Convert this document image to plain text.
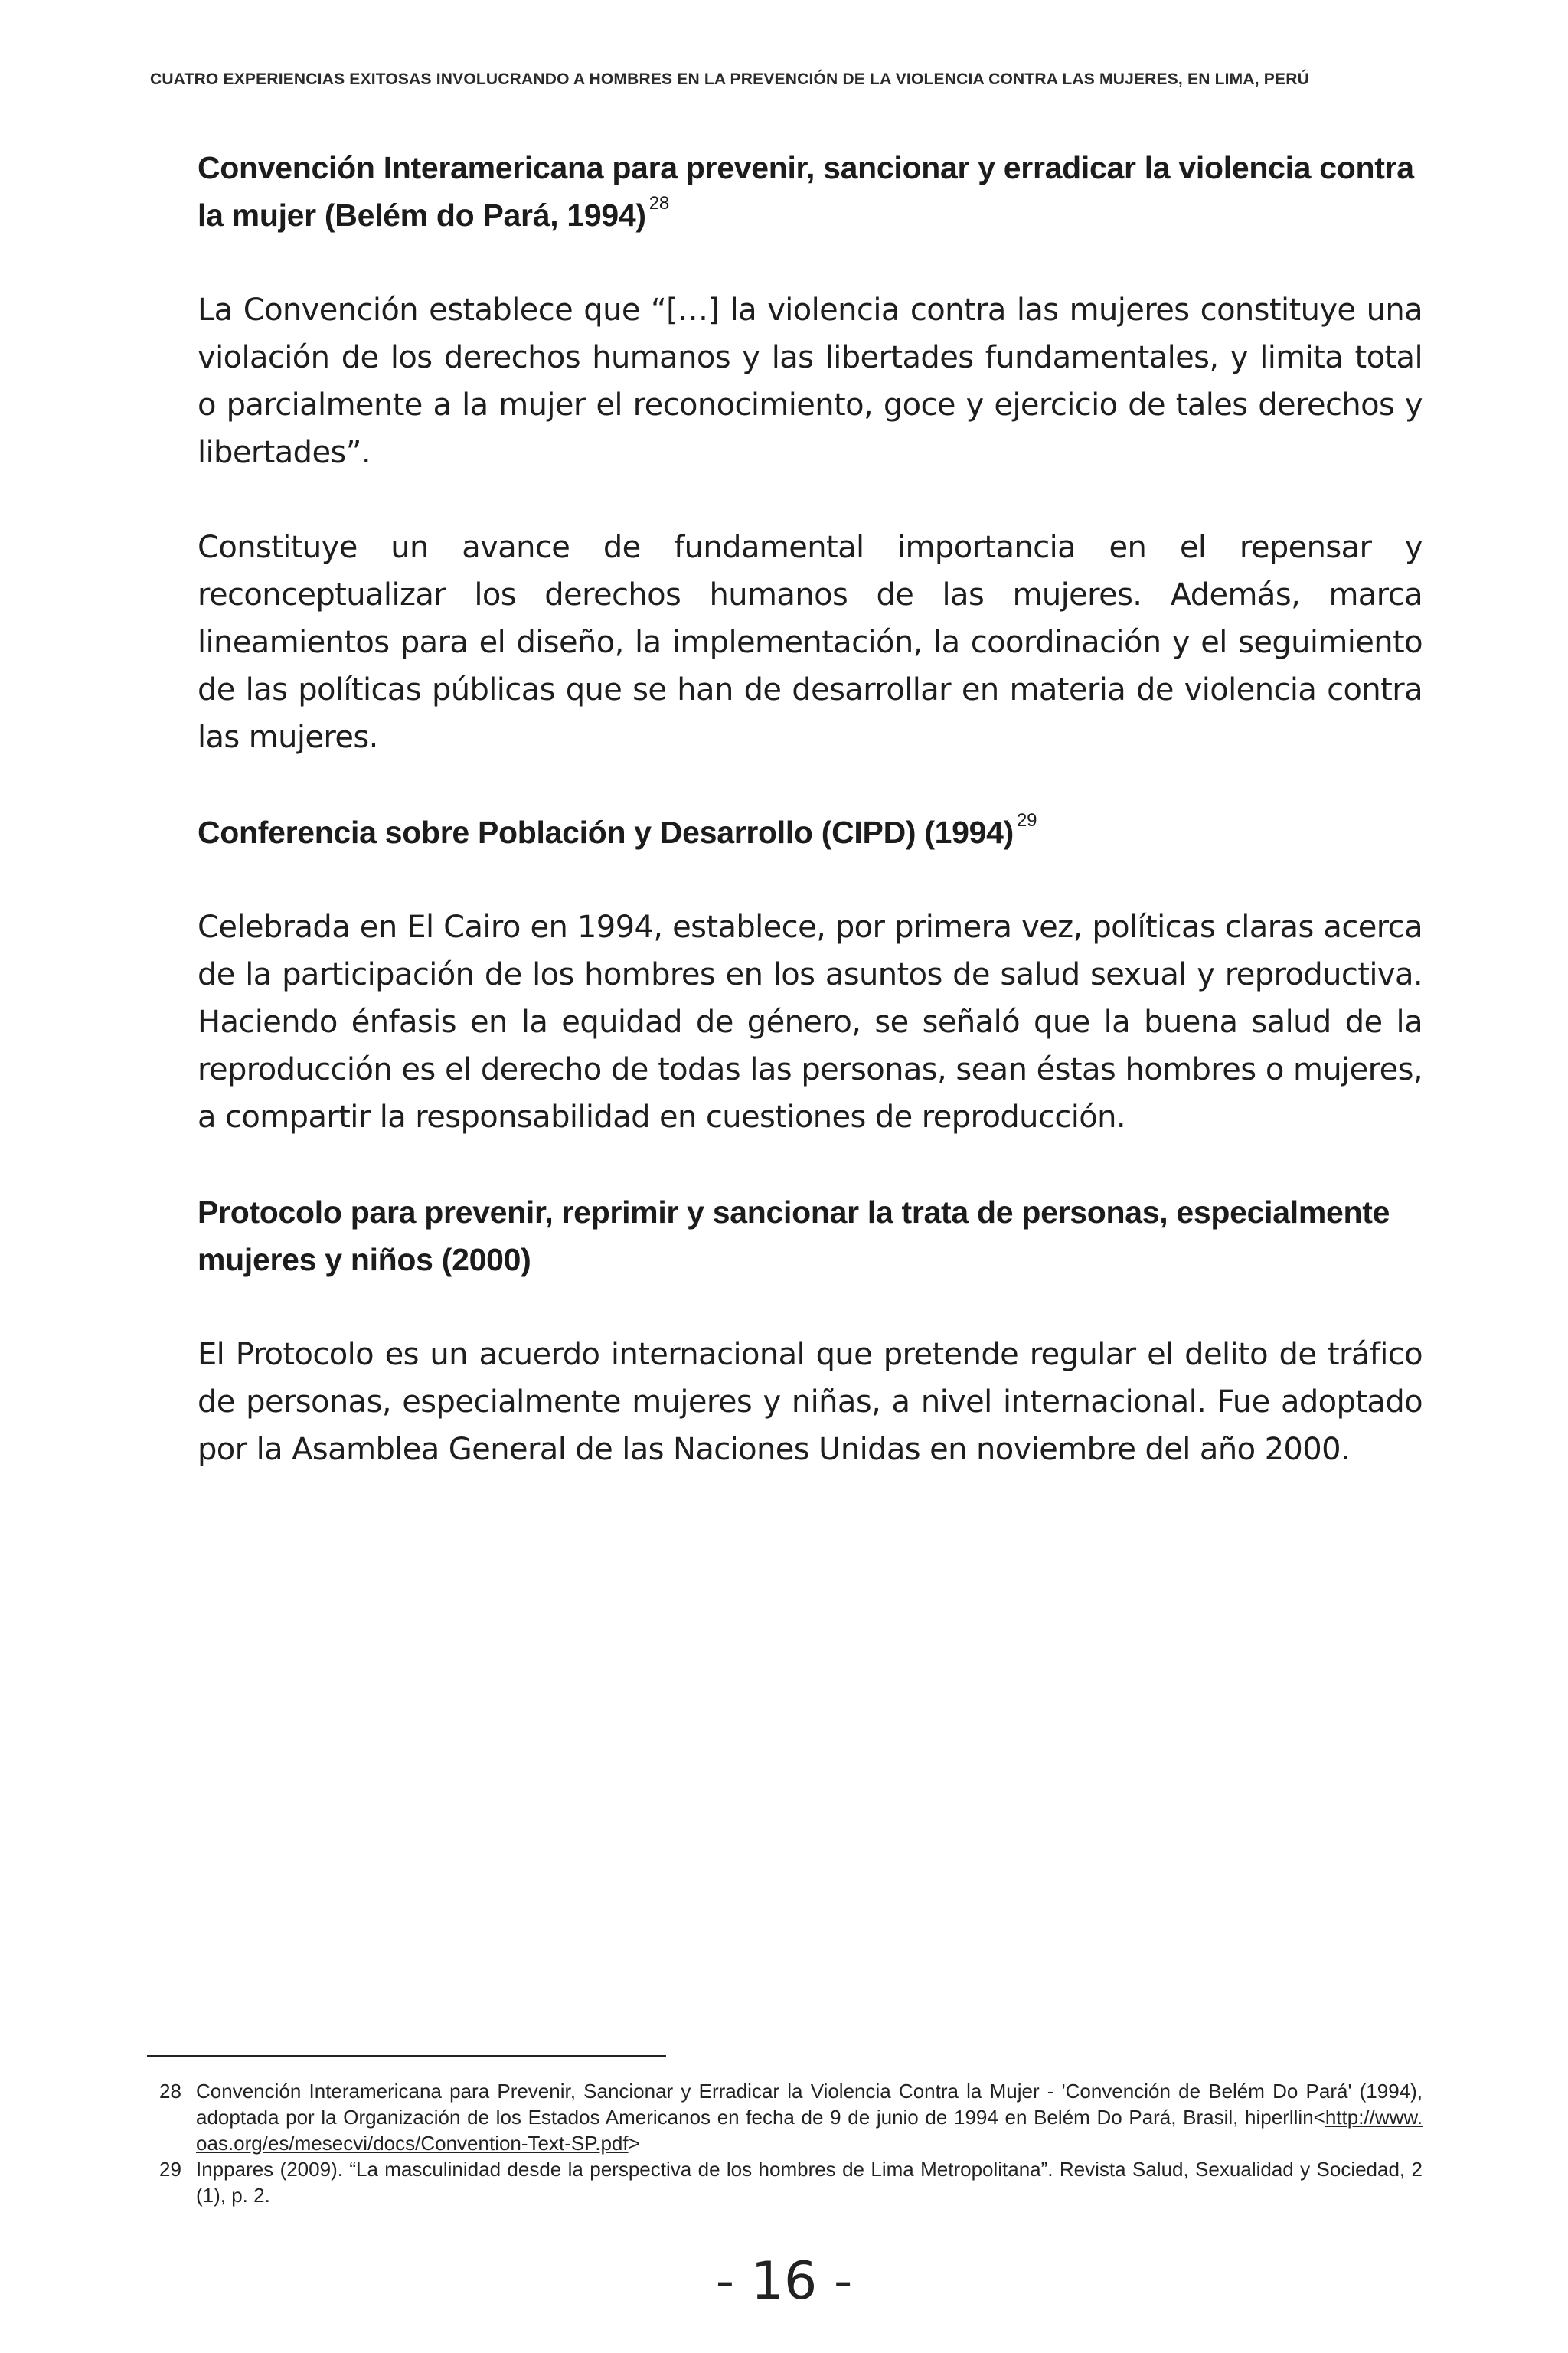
CUATRO EXPERIENCIAS EXITOSAS INVOLUCRANDO A HOMBRES EN LA PREVENCIÓN DE LA VIOLENCIA CONTRA LAS MUJERES, EN LIMA, PERÚ
Convención Interamericana para prevenir, sancionar y erradicar la violencia contra la mujer (Belém do Pará, 1994) $^{28}$

La Convención establece que “[…] la violencia contra las mujeres constituye una violación de los derechos humanos y las libertades fundamentales, y limita total o parcialmente a la mujer el reconocimiento, goce y ejercicio de tales derechos y libertades”.

Constituye un avance de fundamental importancia en el repensar y reconceptualizar los derechos humanos de las mujeres. Además, marca lineamientos para el diseño, la implementación, la coordinación y el seguimiento de las políticas públicas que se han de desarrollar en materia de violencia contra las mujeres.

Conferencia sobre Población y Desarrollo (CIPD) (1994) $^{29}$

Celebrada en El Cairo en 1994, establece, por primera vez, políticas claras acerca de la participación de los hombres en los asuntos de salud sexual y reproductiva. Haciendo énfasis en la equidad de género, se señaló que la buena salud de la reproducción es el derecho de todas las personas, sean éstas hombres o mujeres, a compartir la responsabilidad en cuestiones de reproducción.

Protocolo para prevenir, reprimir y sancionar la trata de personas, especialmente mujeres y niños (2000)

El Protocolo es un acuerdo internacional que pretende regular el delito de tráfico de personas, especialmente mujeres y niñas, a nivel internacional. Fue adoptado por la Asamblea General de las Naciones Unidas en noviembre del año 2000.

28 Convención Interamericana para Prevenir, Sancionar y Erradicar la Violencia Contra la Mujer - 'Convención de Belém Do Pará' (1994), adoptada por la Organización de los Estados Americanos en fecha de 9 de junio de 1994 en Belém Do Pará, Brasil, hiperllin<http://www. oas.org/es/mesecvi/docs/Convention-Text-SP.pdf>
29 Inppares (2009). “La masculinidad desde la perspectiva de los hombres de Lima Metropolitana”. Revista Salud, Sexualidad y Sociedad, 2 (1), p. 2.
- 16 -
